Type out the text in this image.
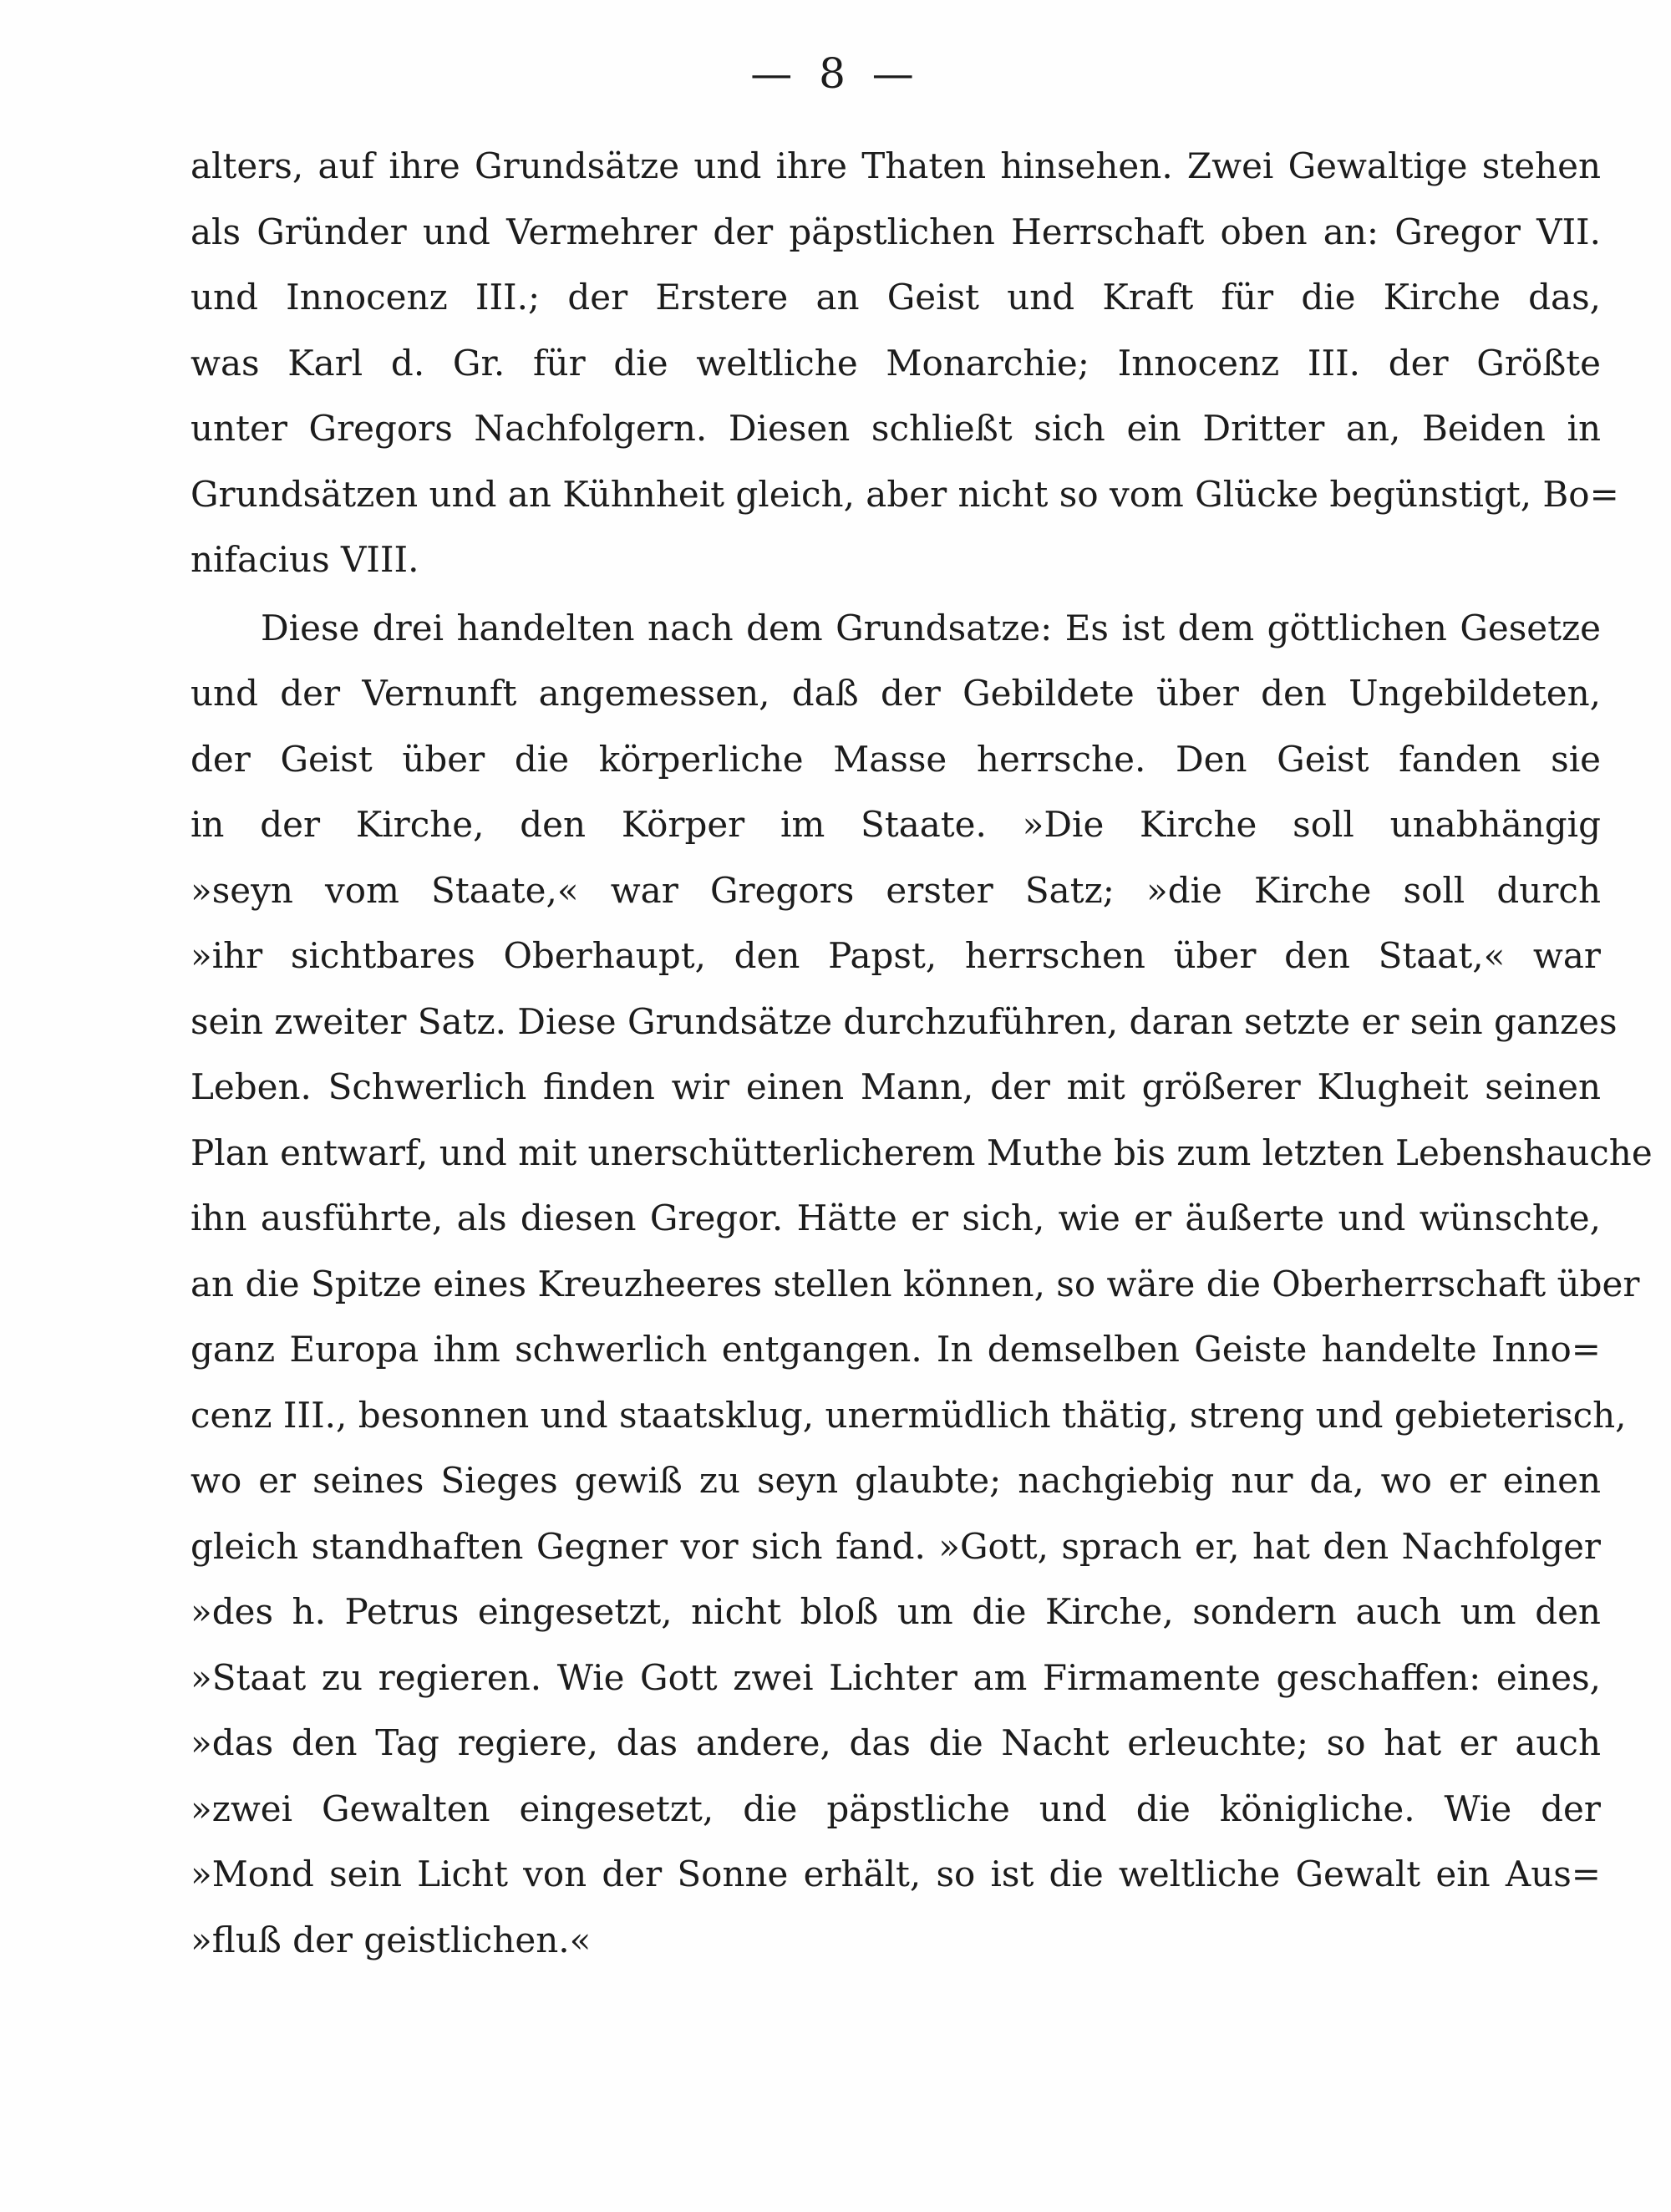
— 8 —
alters, auf ihre Grundsätze und ihre Thaten hinsehen. Zwei Gewaltige stehen
als Gründer und Vermehrer der päpstlichen Herrschaft oben an: Gregor VII.
und Innocenz III.; der Erstere an Geist und Kraft für die Kirche das,
was Karl d. Gr. für die weltliche Monarchie; Innocenz III. der Größte
unter Gregors Nachfolgern. Diesen schließt sich ein Dritter an, Beiden in
Grundsätzen und an Kühnheit gleich, aber nicht so vom Glücke begünstigt, Bo=
nifacius VIII.
Diese drei handelten nach dem Grundsatze: Es ist dem göttlichen Gesetze
und der Vernunft angemessen, daß der Gebildete über den Ungebildeten,
der Geist über die körperliche Masse herrsche. Den Geist fanden sie
in der Kirche, den Körper im Staate. »Die Kirche soll unabhängig
»seyn vom Staate,« war Gregors erster Satz; »die Kirche soll durch
»ihr sichtbares Oberhaupt, den Papst, herrschen über den Staat,« war
sein zweiter Satz. Diese Grundsätze durchzuführen, daran setzte er sein ganzes
Leben. Schwerlich finden wir einen Mann, der mit größerer Klugheit seinen
Plan entwarf, und mit unerschütterlicherem Muthe bis zum letzten Lebenshauche
ihn ausführte, als diesen Gregor. Hätte er sich, wie er äußerte und wünschte,
an die Spitze eines Kreuzheeres stellen können, so wäre die Oberherrschaft über
ganz Europa ihm schwerlich entgangen. In demselben Geiste handelte Inno=
cenz III., besonnen und staatsklug, unermüdlich thätig, streng und gebieterisch,
wo er seines Sieges gewiß zu seyn glaubte; nachgiebig nur da, wo er einen
gleich standhaften Gegner vor sich fand. »Gott, sprach er, hat den Nachfolger
»des h. Petrus eingesetzt, nicht bloß um die Kirche, sondern auch um den
»Staat zu regieren. Wie Gott zwei Lichter am Firmamente geschaffen: eines,
»das den Tag regiere, das andere, das die Nacht erleuchte; so hat er auch
»zwei Gewalten eingesetzt, die päpstliche und die königliche. Wie der
»Mond sein Licht von der Sonne erhält, so ist die weltliche Gewalt ein Aus=
»fluß der geistlichen.«
